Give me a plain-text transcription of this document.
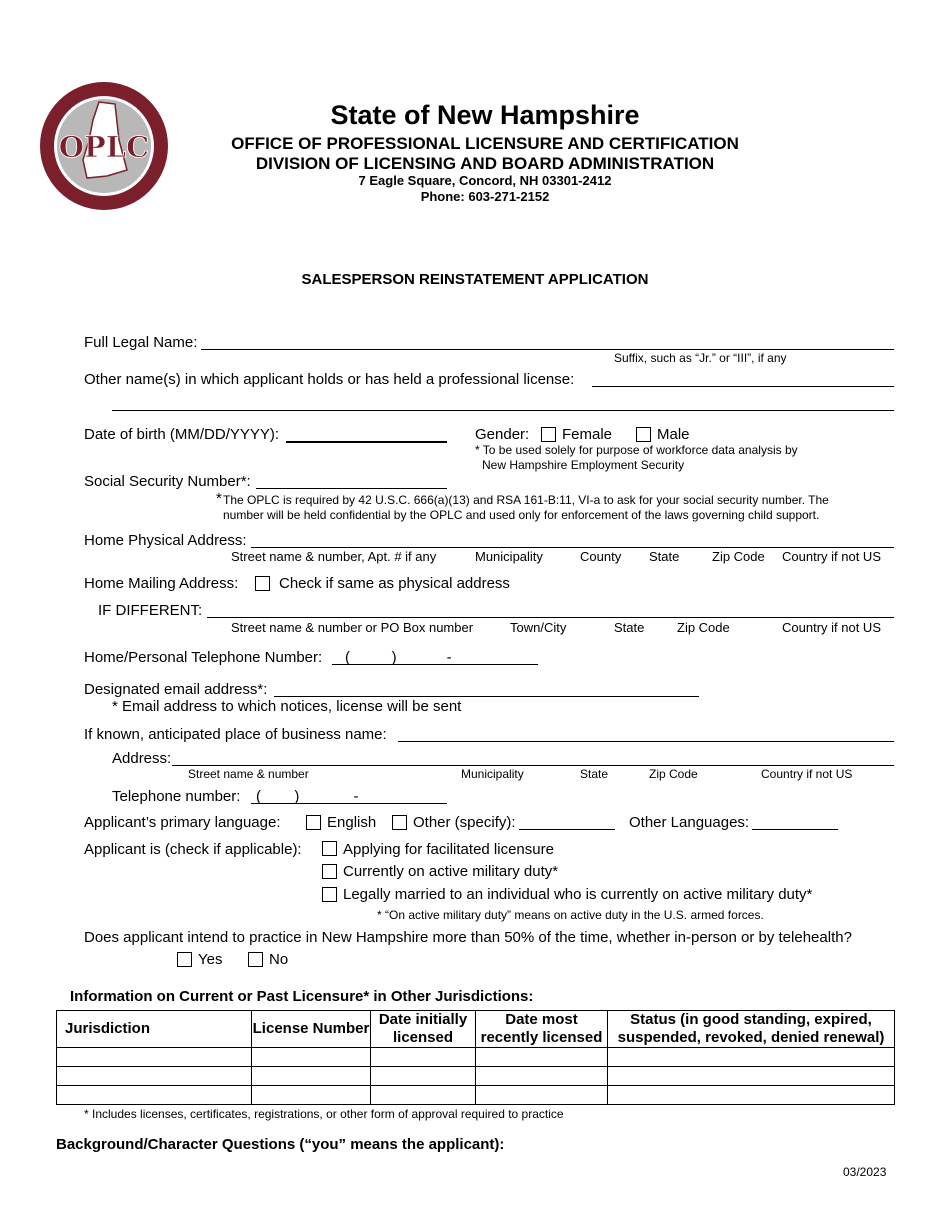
OPLC
State of New Hampshire
OFFICE OF PROFESSIONAL LICENSURE AND CERTIFICATION
DIVISION OF LICENSING AND BOARD ADMINISTRATION
7 Eagle Square, Concord, NH 03301-2412
Phone: 603-271-2152
SALESPERSON REINSTATEMENT APPLICATION
Full Legal Name:
Suffix, such as “Jr.” or “III”, if any
Other name(s) in which applicant holds or has held a professional license:
Date of birth (MM/DD/YYYY):	Gender: Female	Male
* To be used solely for purpose of workforce data analysis by
New Hampshire Employment Security
Social Security Number*:
* The OPLC is required by 42 U.S.C. 666(a)(13) and RSA 161-B:11, VI-a to ask for your social security number. The
number will be held confidential by the OPLC and used only for enforcement of the laws governing child support.
Home Physical Address:
Street name & number, Apt. # if any	Municipality	County State	Zip Code Country if not US
Home Mailing Address:	Check if same as physical address
IF DIFFERENT:
Street name & number or PO Box number	Town/City	State	Zip Code	Country if not US
Home/Personal Telephone Number: (          )            -
Designated email address*:
* Email address to which notices, license will be sent
If known, anticipated place of business name:
Address:
Street name & number	Municipality	State	Zip Code	Country if not US
Telephone number: (        )             -
Applicant’s primary language:	English Other (specify):	Other Languages:
Applicant is (check if applicable):	Applying for facilitated licensure
Currently on active military duty*
Legally married to an individual who is currently on active military duty*
* “On active military duty” means on active duty in the U.S. armed forces.
Does applicant intend to practice in New Hampshire more than 50% of the time, whether in-person or by telehealth?
Yes	No
Information on Current or Past Licensure* in Other Jurisdictions:
Jurisdiction	License Number	Date initially licensed	Date most recently licensed	Status (in good standing, expired, suspended, revoked, denied renewal)

* Includes licenses, certificates, registrations, or other form of approval required to practice
Background/Character Questions (“you” means the applicant):
03/2023
